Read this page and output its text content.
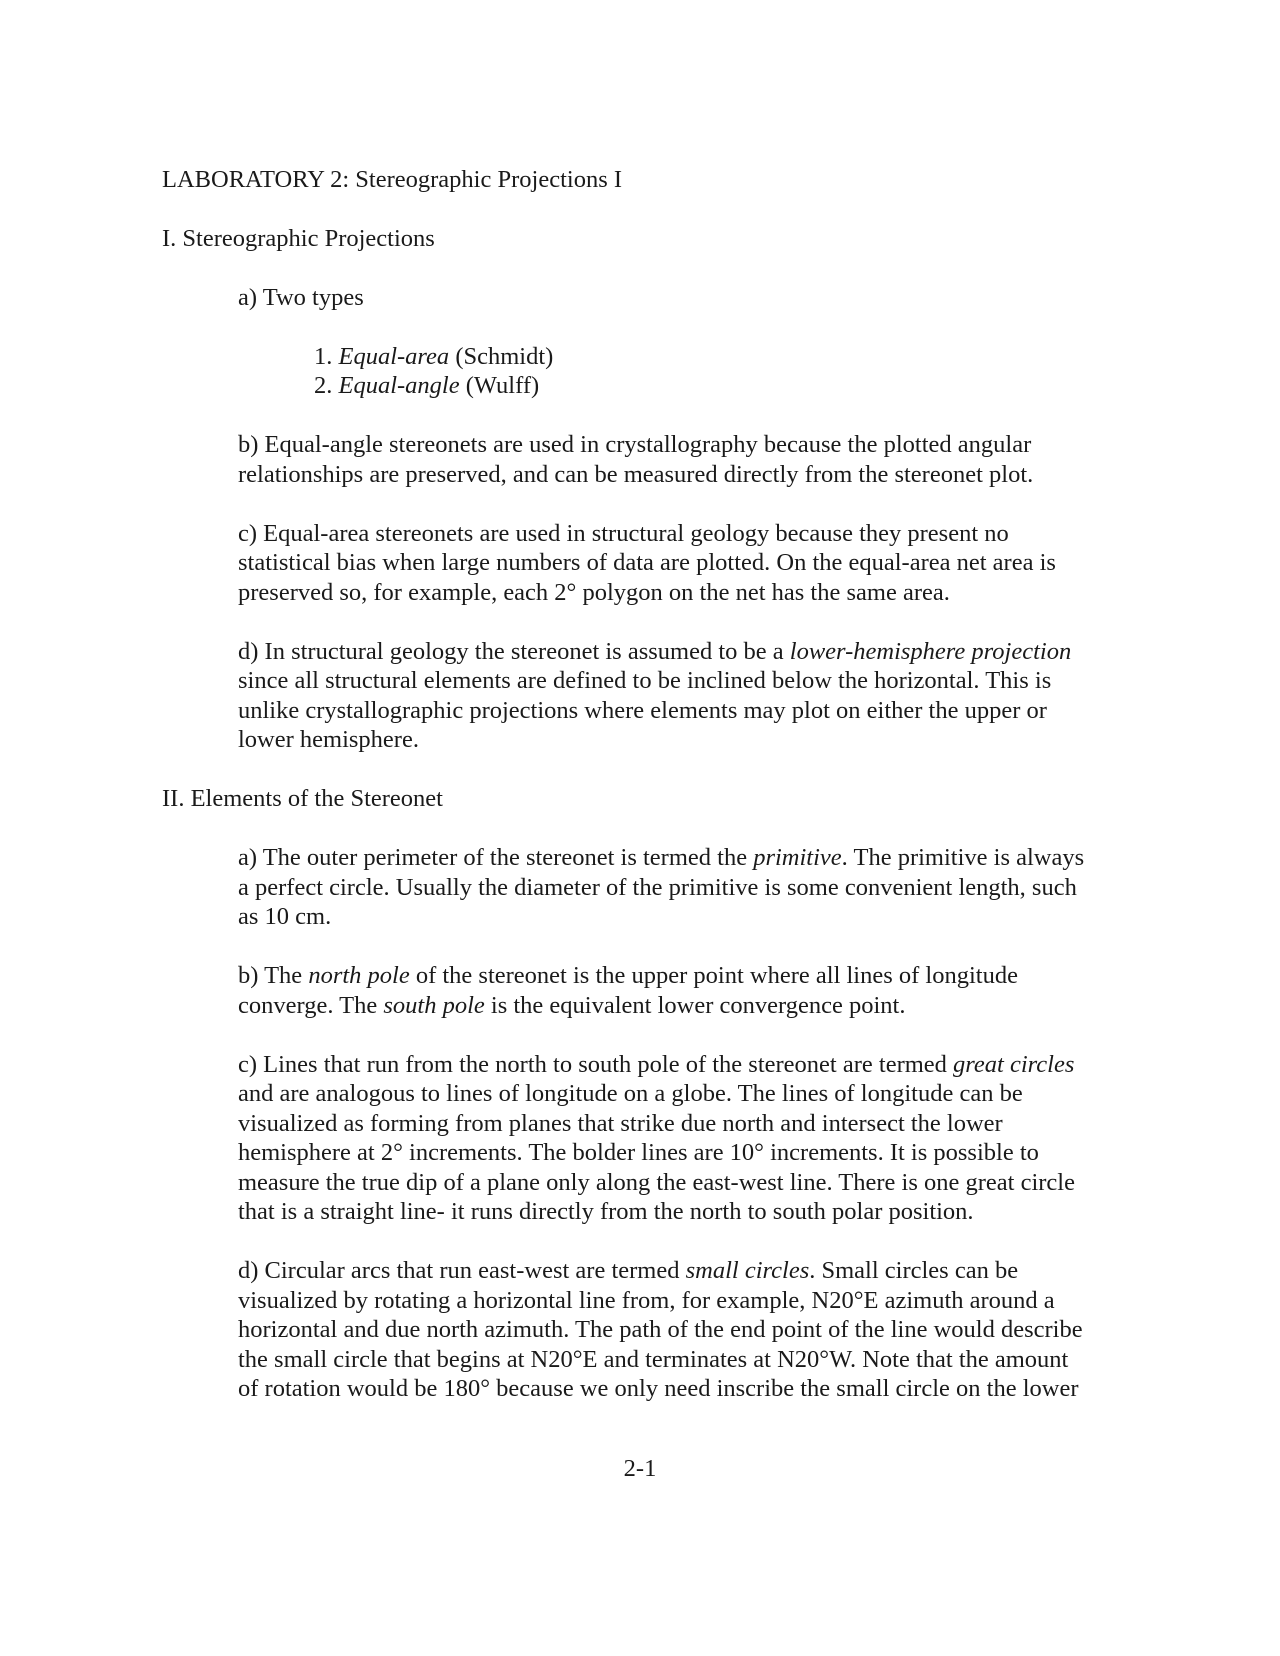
LABORATORY 2: Stereographic Projections I
I. Stereographic Projections
a) Two types
1. Equal-area (Schmidt)
2. Equal-angle (Wulff)
b) Equal-angle stereonets are used in crystallography because the plotted angular
relationships are preserved, and can be measured directly from the stereonet plot.
c) Equal-area stereonets are used in structural geology because they present no
statistical bias when large numbers of data are plotted. On the equal-area net area is
preserved so, for example, each 2° polygon on the net has the same area.
d) In structural geology the stereonet is assumed to be a lower-hemisphere projection
since all structural elements are defined to be inclined below the horizontal. This is
unlike crystallographic projections where elements may plot on either the upper or
lower hemisphere.
II. Elements of the Stereonet
a) The outer perimeter of the stereonet is termed the primitive. The primitive is always
a perfect circle. Usually the diameter of the primitive is some convenient length, such
as 10 cm.
b) The north pole of the stereonet is the upper point where all lines of longitude
converge. The south pole is the equivalent lower convergence point.
c) Lines that run from the north to south pole of the stereonet are termed great circles
and are analogous to lines of longitude on a globe. The lines of longitude can be
visualized as forming from planes that strike due north and intersect the lower
hemisphere at 2° increments. The bolder lines are 10° increments. It is possible to
measure the true dip of a plane only along the east-west line. There is one great circle
that is a straight line- it runs directly from the north to south polar position.
d) Circular arcs that run east-west are termed small circles. Small circles can be
visualized by rotating a horizontal line from, for example, N20°E azimuth around a
horizontal and due north azimuth. The path of the end point of the line would describe
the small circle that begins at N20°E and terminates at N20°W. Note that the amount
of rotation would be 180° because we only need inscribe the small circle on the lower
2-1
